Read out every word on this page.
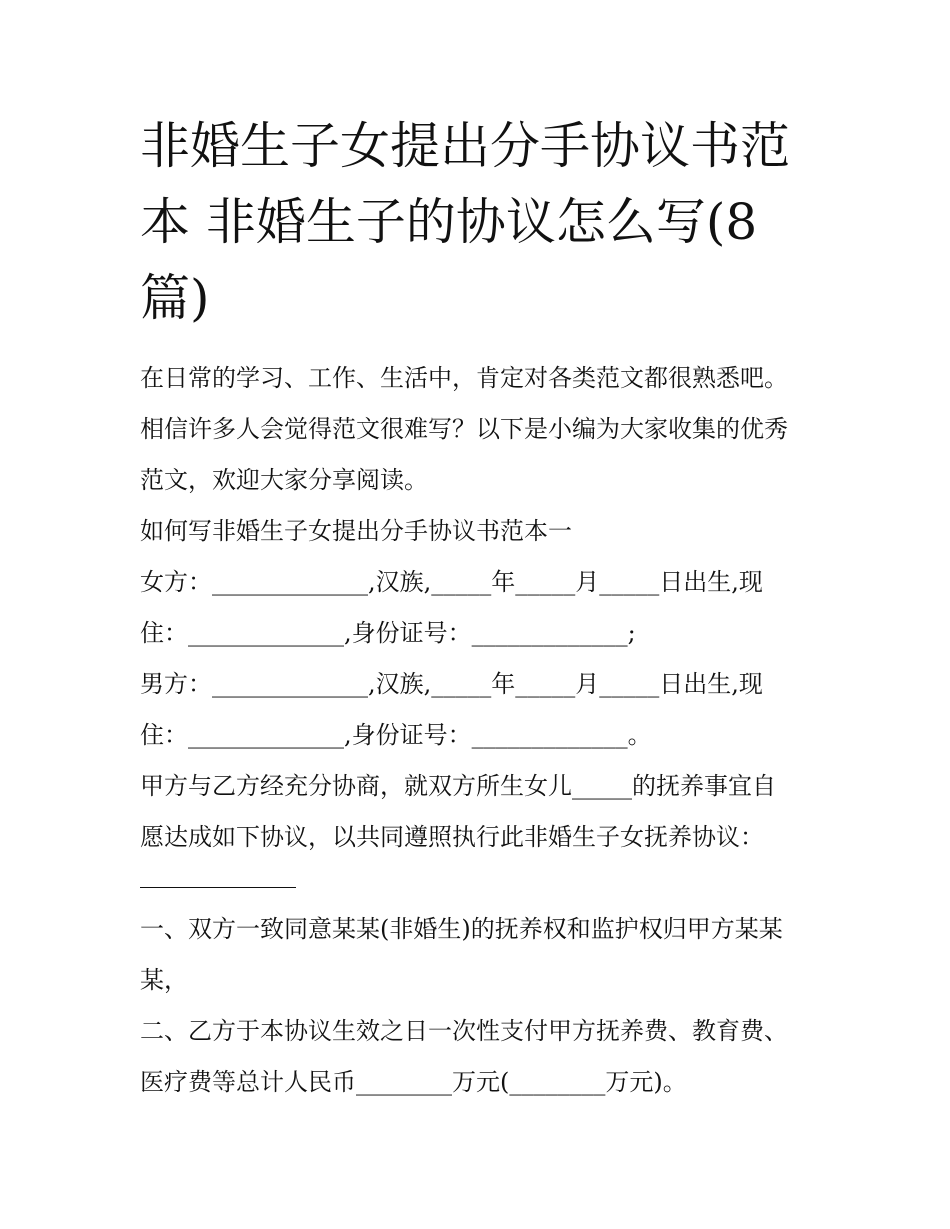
非婚生子女提出分手协议书范
本 非婚生子的协议怎么写(8
篇)
在日常的学习、工作、生活中，肯定对各类范文都很熟悉吧。
相信许多人会觉得范文很难写？以下是小编为大家收集的优秀
范文，欢迎大家分享阅读。
如何写非婚生子女提出分手协议书范本一
女方：_____________,汉族,_____年_____月_____日出生,现
住：_____________,身份证号：_____________;
男方：_____________,汉族,_____年_____月_____日出生,现
住：_____________,身份证号：_____________。
甲方与乙方经充分协商，就双方所生女儿_____的抚养事宜自
愿达成如下协议，以共同遵照执行此非婚生子女抚养协议：
一、双方一致同意某某(非婚生)的抚养权和监护权归甲方某某
某，
二、乙方于本协议生效之日一次性支付甲方抚养费、教育费、
医疗费等总计人民币________万元(________万元)。
